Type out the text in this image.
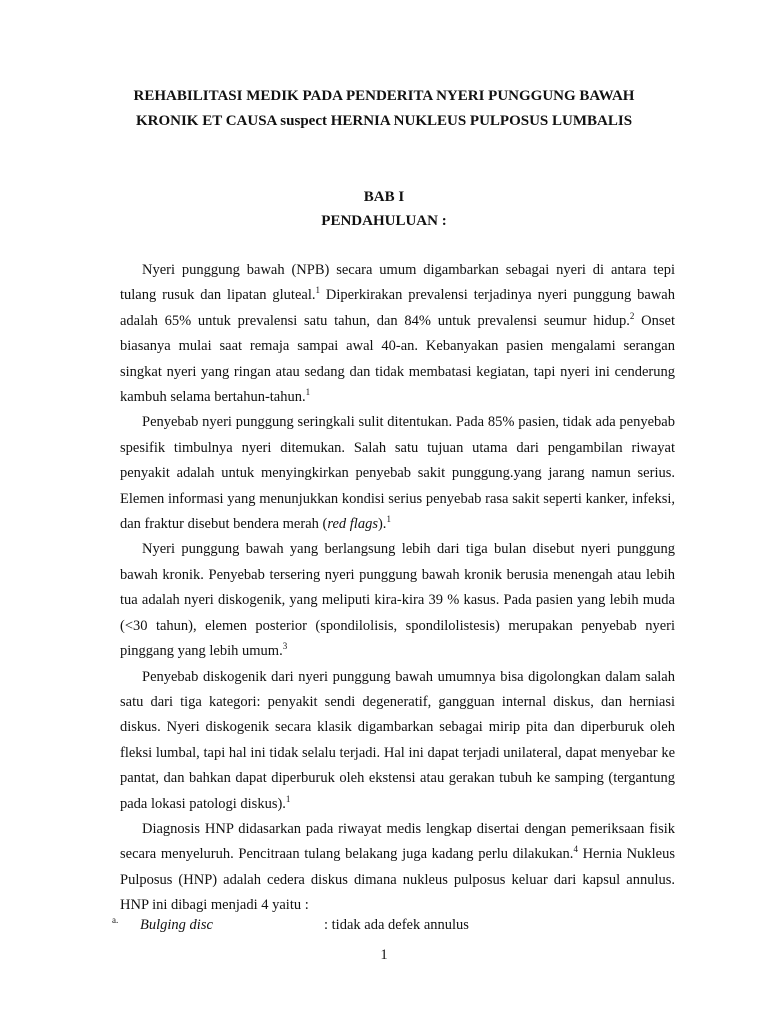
REHABILITASI MEDIK PADA PENDERITA NYERI PUNGGUNG BAWAH
KRONIK ET CAUSA suspect HERNIA NUKLEUS PULPOSUS LUMBALIS
BAB I
PENDAHULUAN :

Nyeri punggung bawah (NPB) secara umum digambarkan sebagai nyeri di antara tepi tulang rusuk dan lipatan gluteal.$^1$ Diperkirakan prevalensi terjadinya nyeri punggung bawah adalah 65% untuk prevalensi satu tahun, dan 84% untuk prevalensi seumur hidup.$^2$ Onset biasanya mulai saat remaja sampai awal 40-an. Kebanyakan pasien mengalami serangan singkat nyeri yang ringan atau sedang dan tidak membatasi kegiatan, tapi nyeri ini cenderung kambuh selama bertahun-tahun.$^1$

Penyebab nyeri punggung seringkali sulit ditentukan. Pada 85% pasien, tidak ada penyebab spesifik timbulnya nyeri ditemukan. Salah satu tujuan utama dari pengambilan riwayat penyakit adalah untuk menyingkirkan penyebab sakit punggung.yang jarang namun serius. Elemen informasi yang menunjukkan kondisi serius penyebab rasa sakit seperti kanker, infeksi, dan fraktur disebut bendera merah (red flags).$^1$

Nyeri punggung bawah yang berlangsung lebih dari tiga bulan disebut nyeri punggung bawah kronik. Penyebab tersering nyeri punggung bawah kronik berusia menengah atau lebih tua adalah nyeri diskogenik, yang meliputi kira-kira 39 % kasus. Pada pasien yang lebih muda (<30 tahun), elemen posterior (spondilolisis, spondilolistesis) merupakan penyebab nyeri pinggang yang lebih umum.$^3$

Penyebab diskogenik dari nyeri punggung bawah umumnya bisa digolongkan dalam salah satu dari tiga kategori: penyakit sendi degeneratif, gangguan internal diskus, dan herniasi diskus. Nyeri diskogenik secara klasik digambarkan sebagai mirip pita dan diperburuk oleh fleksi lumbal, tapi hal ini tidak selalu terjadi. Hal ini dapat terjadi unilateral, dapat menyebar ke pantat, dan bahkan dapat diperburuk oleh ekstensi atau gerakan tubuh ke samping (tergantung pada lokasi patologi diskus).$^1$

Diagnosis HNP didasarkan pada riwayat medis lengkap disertai dengan pemeriksaan fisik secara menyeluruh. Pencitraan tulang belakang juga kadang perlu dilakukan.$^4$ Hernia Nukleus Pulposus (HNP) adalah cedera diskus dimana nukleus pulposus keluar dari kapsul annulus. HNP ini dibagi menjadi 4 yaitu :

a. Bulging disc	: tidak ada defek annulus
1
